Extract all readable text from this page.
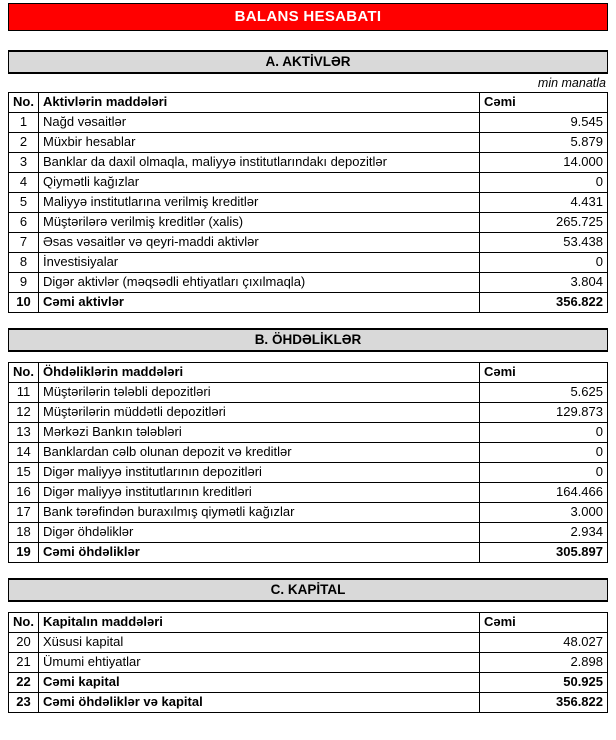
BALANS HESABATI
A. AKTİVLƏR
min manatla
No.	Aktivlərin maddələri	Cəmi
1	Nağd vəsaitlər	9.545
2	Müxbir hesablar	5.879
3	Banklar da daxil olmaqla, maliyyə institutlarındakı depozitlər	14.000
4	Qiymətli kağızlar	0
5	Maliyyə institutlarına verilmiş kreditlər	4.431
6	Müştərilərə verilmiş kreditlər (xalis)	265.725
7	Əsas vəsaitlər və qeyri-maddi aktivlər	53.438
8	İnvestisiyalar	0
9	Digər aktivlər (məqsədli ehtiyatları çıxılmaqla)	3.804
10	Cəmi aktivlər	356.822
B. ÖHDƏLİKLƏR
No.	Öhdəliklərin maddələri	Cəmi
11	Müştərilərin tələbli depozitləri	5.625
12	Müştərilərin müddətli depozitləri	129.873
13	Mərkəzi Bankın tələbləri	0
14	Banklardan cəlb olunan depozit və kreditlər	0
15	Digər maliyyə institutlarının depozitləri	0
16	Digər maliyyə institutlarının kreditləri	164.466
17	Bank tərəfindən buraxılmış qiymətli kağızlar	3.000
18	Digər öhdəliklər	2.934
19	Cəmi öhdəliklər	305.897
C. KAPİTAL
No.	Kapitalın maddələri	Cəmi
20	Xüsusi kapital	48.027
21	Ümumi ehtiyatlar	2.898
22	Cəmi kapital	50.925
23	Cəmi öhdəliklər və kapital	356.822
